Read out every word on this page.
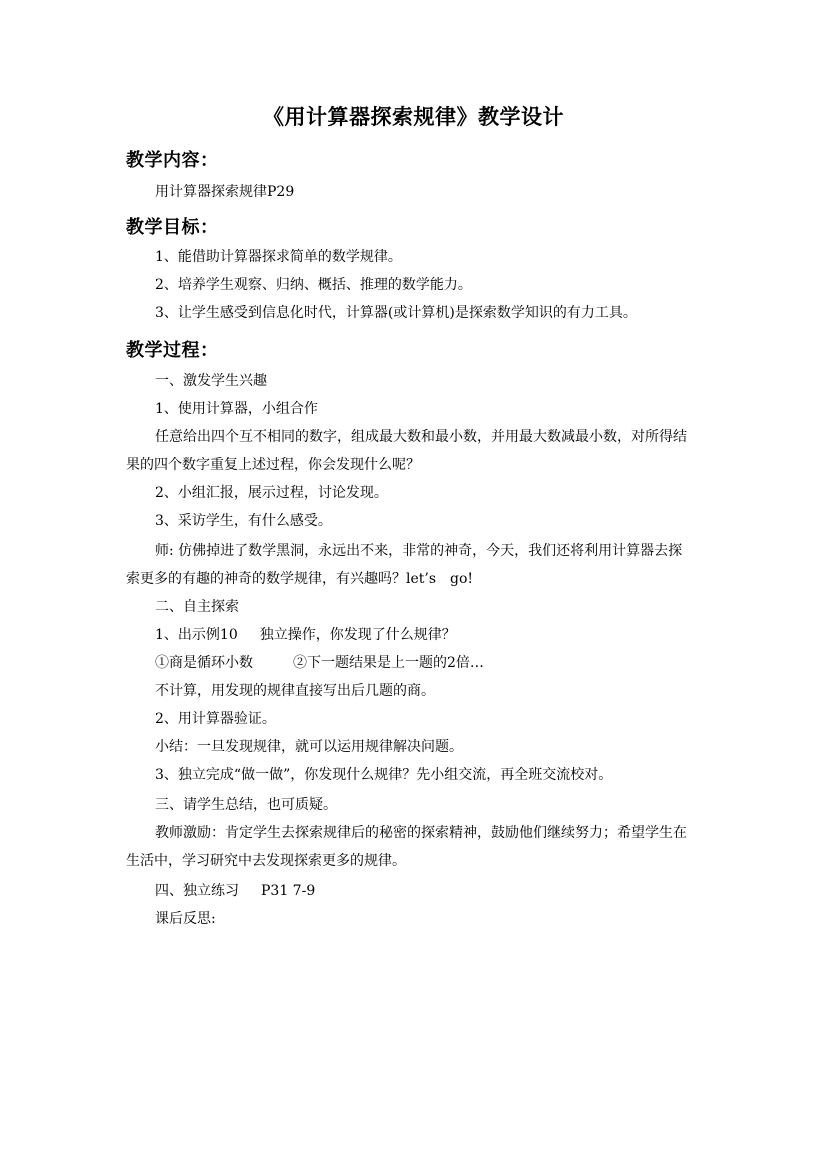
《用计算器探索规律》教学设计
教学内容：
用计算器探索规律P29
教学目标：
1、能借助计算器探求简单的数学规律。
2、培养学生观察、归纳、概括、推理的数学能力。
3、让学生感受到信息化时代，计算器(或计算机)是探索数学知识的有力工具。
教学过程：
一、激发学生兴趣
1、使用计算器，小组合作
任意给出四个互不相同的数字，组成最大数和最小数，并用最大数减最小数，对所得结
果的四个数字重复上述过程，你会发现什么呢？
2、小组汇报，展示过程，讨论发现。
3、采访学生，有什么感受。
师: 仿佛掉进了数学黑洞，永远出不来，非常的神奇，今天，我们还将利用计算器去探
索更多的有趣的神奇的数学规律，有兴趣吗？let’s　go!
二、自主探索
1、出示例10 独立操作，你发现了什么规律？
①商是循环小数	②下一题结果是上一题的2倍…
不计算，用发现的规律直接写出后几题的商。
2、用计算器验证。
小结：一旦发现规律，就可以运用规律解决问题。
3、独立完成“做一做”，你发现什么规律？先小组交流，再全班交流校对。
三、请学生总结，也可质疑。
教师激励：肯定学生去探索规律后的秘密的探索精神，鼓励他们继续努力；希望学生在
生活中，学习研究中去发现探索更多的规律。
四、独立练习 P31 7-9
课后反思:
